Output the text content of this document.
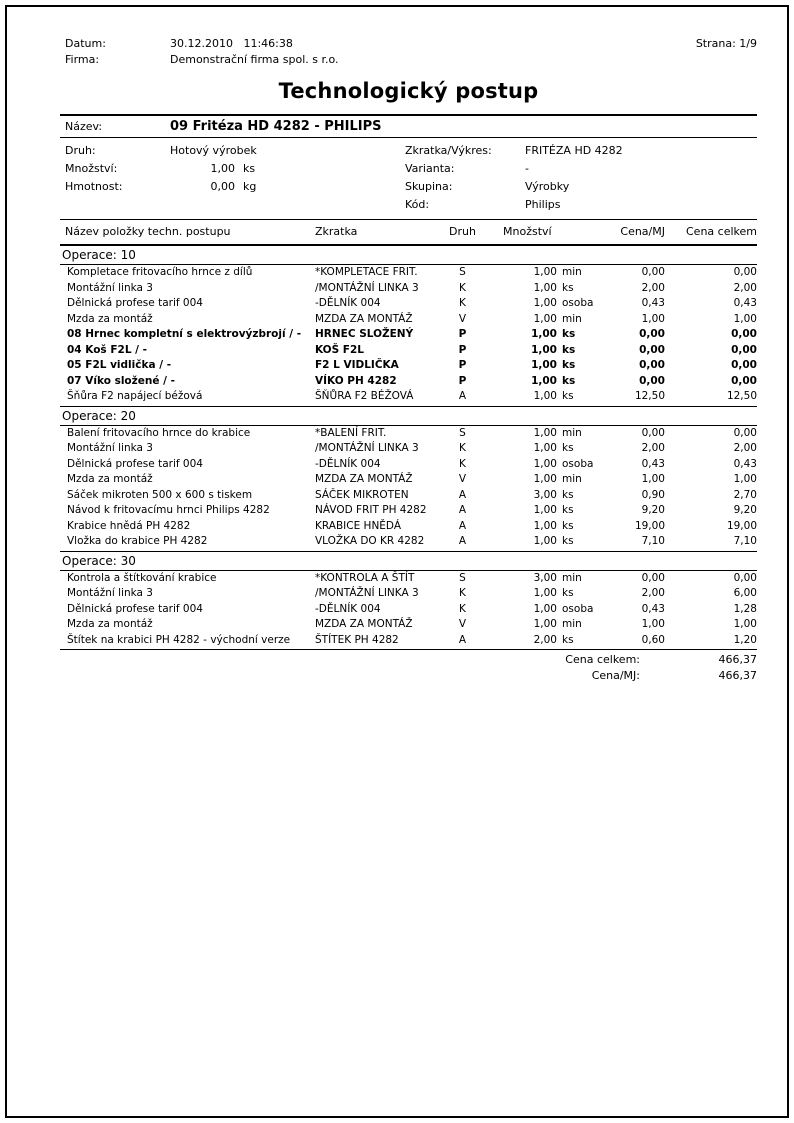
Datum:	30.12.2010   11:46:38	Strana: 1/9
Firma:	Demonstrační firma spol. s r.o.
Technologický postup
Název:	09 Fritéza HD 4282 - PHILIPS
Druh:	Hotový výrobek
Množství:	1,00 ks
Hmotnost:	0,00 kg
Zkratka/Výkres:	FRITÉZA HD 4282
Varianta:	-
Skupina:	Výrobky
Kód:	Philips
Název položky techn. postupu	Zkratka	Druh	Množství	Cena/MJ	Cena celkem
Operace: 10
Kompletace fritovacího hrnce z dílů	*KOMPLETACE FRIT.	S	1,00 min	0,00	0,00
Montážní linka 3	/MONTÁŽNÍ LINKA 3	K	1,00 ks	2,00	2,00
Dělnická profese tarif 004	-DĚLNÍK 004	K	1,00 osoba	0,43	0,43
Mzda za montáž	MZDA ZA MONTÁŽ	V	1,00 min	1,00	1,00
08 Hrnec kompletní s elektrovýzbrojí / -	HRNEC SLOŽENÝ	P	1,00 ks	0,00	0,00
04 Koš F2L / -	KOŠ F2L	P	1,00 ks	0,00	0,00
05 F2L vidlička / -	F2 L VIDLIČKA	P	1,00 ks	0,00	0,00
07 Víko složené / -	VÍKO PH 4282	P	1,00 ks	0,00	0,00
Šňůra F2 napájecí béžová	ŠŇŮRA F2 BÉŽOVÁ	A	1,00 ks	12,50	12,50
Operace: 20
Balení fritovacího hrnce do krabice	*BALENÍ FRIT.	S	1,00 min	0,00	0,00
Montážní linka 3	/MONTÁŽNÍ LINKA 3	K	1,00 ks	2,00	2,00
Dělnická profese tarif 004	-DĚLNÍK 004	K	1,00 osoba	0,43	0,43
Mzda za montáž	MZDA ZA MONTÁŽ	V	1,00 min	1,00	1,00
Sáček mikroten 500 x 600 s tiskem	SÁČEK MIKROTEN	A	3,00 ks	0,90	2,70
Návod k fritovacímu hrnci Philips 4282	NÁVOD FRIT PH 4282	A	1,00 ks	9,20	9,20
Krabice hnědá PH 4282	KRABICE HNĚDÁ	A	1,00 ks	19,00	19,00
Vložka do krabice PH 4282	VLOŽKA DO KR 4282	A	1,00 ks	7,10	7,10
Operace: 30
Kontrola a štítkování krabice	*KONTROLA A ŠTÍT	S	3,00 min	0,00	0,00
Montážní linka 3	/MONTÁŽNÍ LINKA 3	K	1,00 ks	2,00	6,00
Dělnická profese tarif 004	-DĚLNÍK 004	K	1,00 osoba	0,43	1,28
Mzda za montáž	MZDA ZA MONTÁŽ	V	1,00 min	1,00	1,00
Štítek na krabici PH 4282 - východní verze	ŠTÍTEK PH 4282	A	2,00 ks	0,60	1,20
Cena celkem:	466,37
Cena/MJ:	466,37
